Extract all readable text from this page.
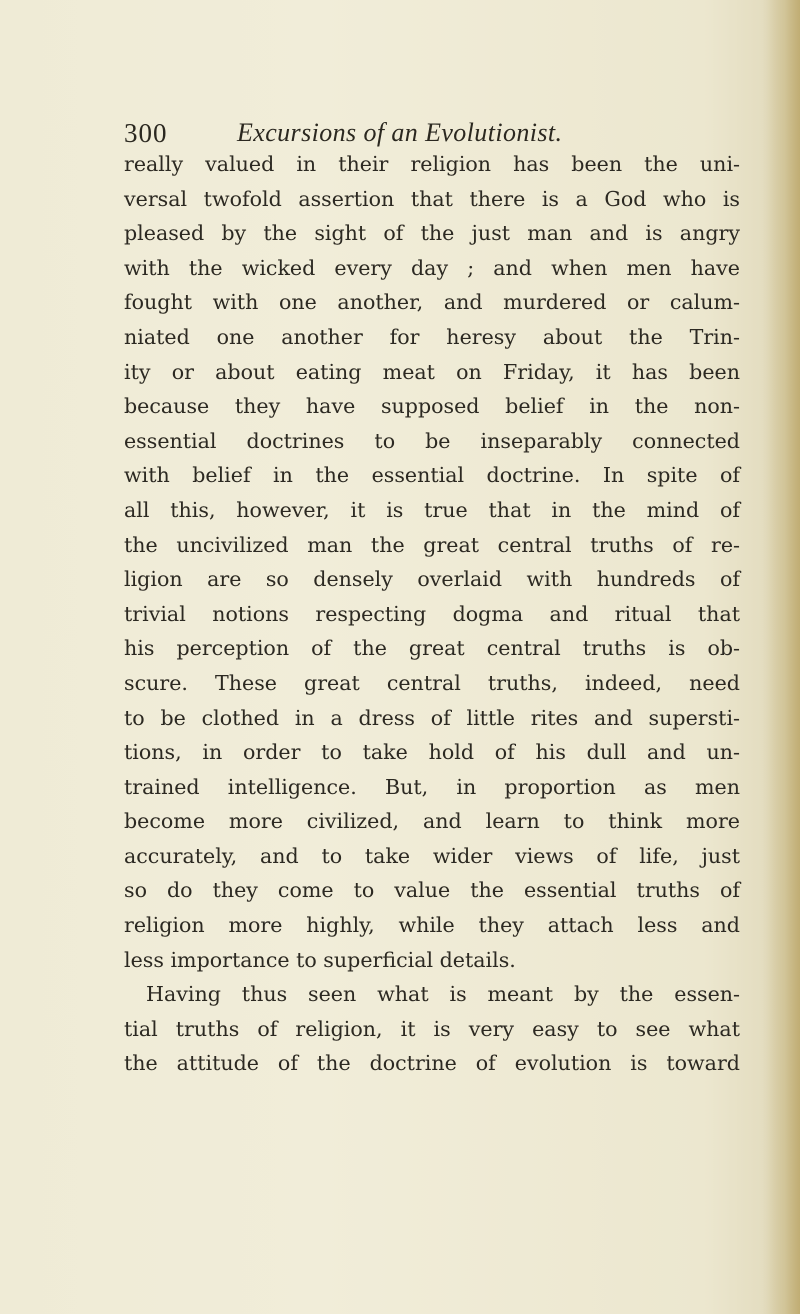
300	Excursions of an Evolutionist.
really valued in their religion has been the uni-
versal twofold assertion that there is a God who is
pleased by the sight of the just man and is angry
with the wicked every day ; and when men have
fought with one another, and murdered or calum-
niated one another for heresy about the Trin-
ity or about eating meat on Friday, it has been
because they have supposed belief in the non-
essential doctrines to be inseparably connected
with belief in the essential doctrine. In spite of
all this, however, it is true that in the mind of
the uncivilized man the great central truths of re-
ligion are so densely overlaid with hundreds of
trivial notions respecting dogma and ritual that
his perception of the great central truths is ob-
scure. These great central truths, indeed, need
to be clothed in a dress of little rites and supersti-
tions, in order to take hold of his dull and un-
trained intelligence. But, in proportion as men
become more civilized, and learn to think more
accurately, and to take wider views of life, just
so do they come to value the essential truths of
religion more highly, while they attach less and
less importance to superficial details.
Having thus seen what is meant by the essen-
tial truths of religion, it is very easy to see what
the attitude of the doctrine of evolution is toward
